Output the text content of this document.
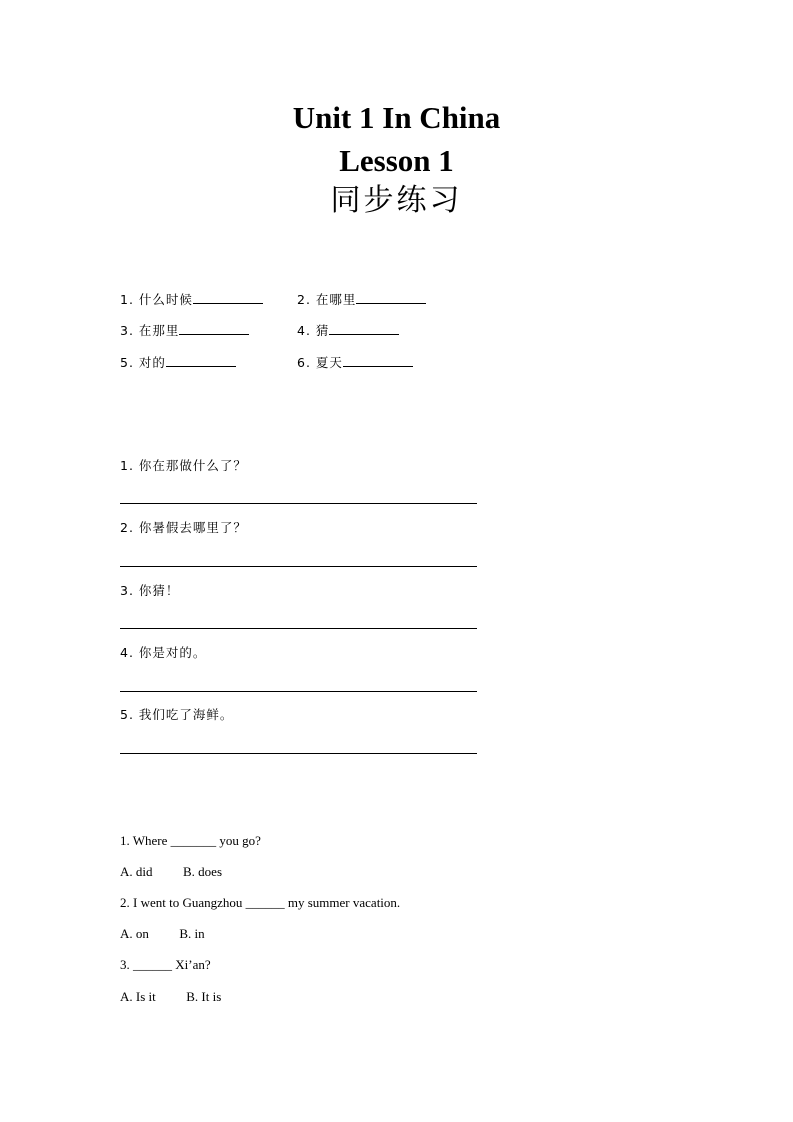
Unit 1 In China
Lesson 1
同步练习
1. 什么时候	2. 在哪里
3. 在那里	4. 猜
5. 对的	6. 夏天
1. 你在那做什么了？
2. 你暑假去哪里了？
3. 你猜！
4. 你是对的。
5. 我们吃了海鲜。
1. Where _______ you go?
A. did B. does
2. I went to Guangzhou ______ my summer vacation.
A. on B. in
3. ______ Xi’an?
A. Is it B. It is
